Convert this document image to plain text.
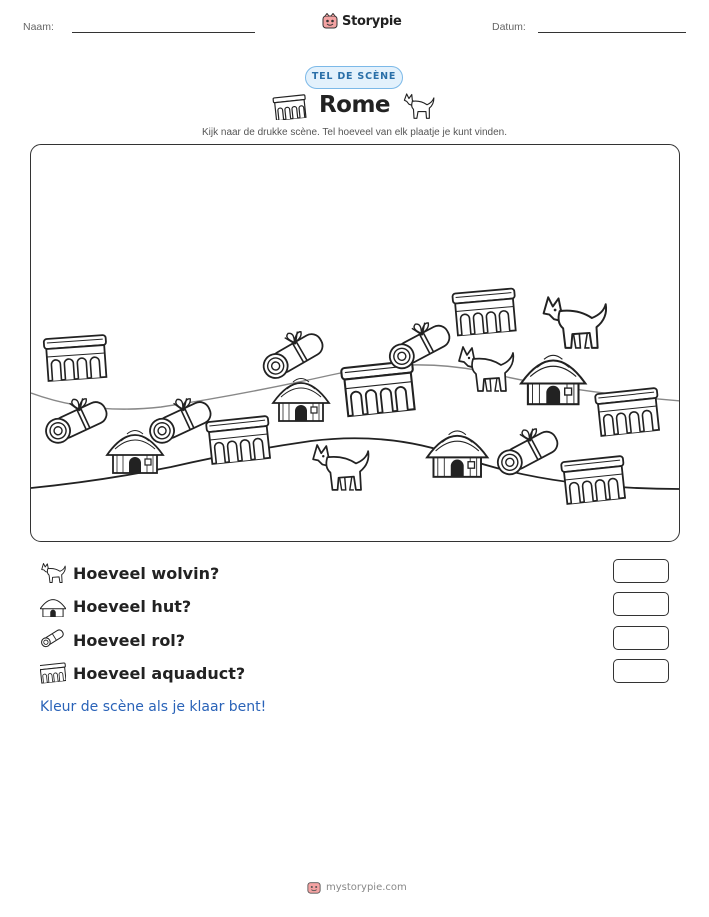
Naam:	Storypie	Datum:
TEL DE SCÈNE
Rome
Kijk naar de drukke scène. Tel hoeveel van elk plaatje je kunt vinden.
Hoeveel wolvin?
Hoeveel hut?
Hoeveel rol?
Hoeveel aquaduct?
Kleur de scène als je klaar bent!
mystorypie.com
